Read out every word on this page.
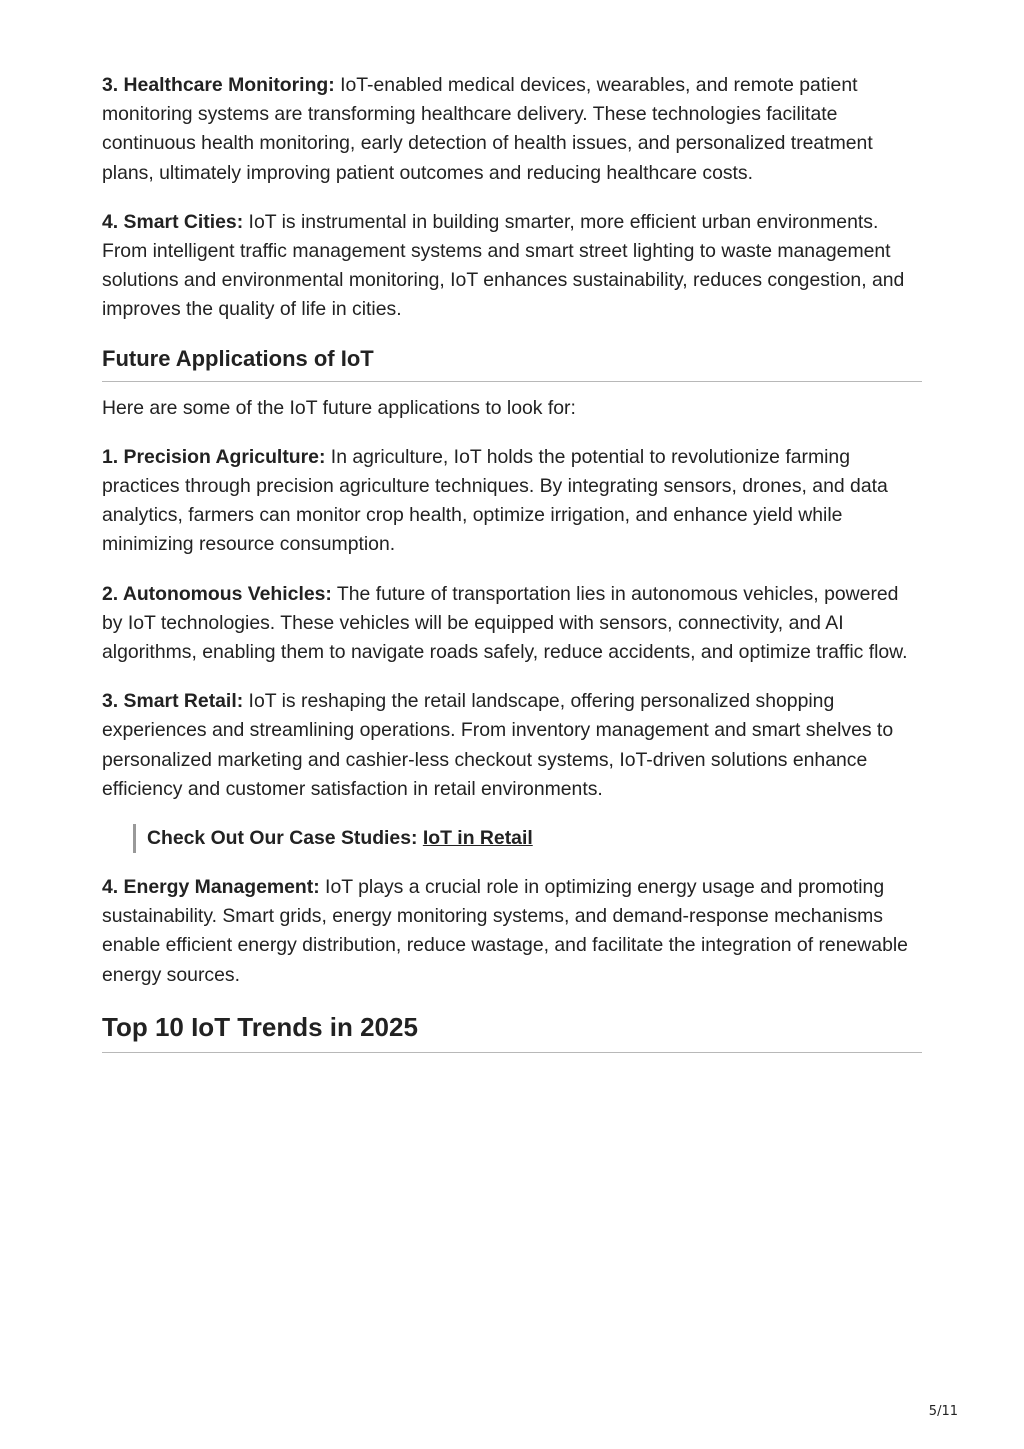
3. Healthcare Monitoring: IoT-enabled medical devices, wearables, and remote patient monitoring systems are transforming healthcare delivery. These technologies facilitate continuous health monitoring, early detection of health issues, and personalized treatment plans, ultimately improving patient outcomes and reducing healthcare costs.

4. Smart Cities: IoT is instrumental in building smarter, more efficient urban environments. From intelligent traffic management systems and smart street lighting to waste management solutions and environmental monitoring, IoT enhances sustainability, reduces congestion, and improves the quality of life in cities.

Future Applications of IoT

Here are some of the IoT future applications to look for:

1. Precision Agriculture: In agriculture, IoT holds the potential to revolutionize farming practices through precision agriculture techniques. By integrating sensors, drones, and data analytics, farmers can monitor crop health, optimize irrigation, and enhance yield while minimizing resource consumption.

2. Autonomous Vehicles: The future of transportation lies in autonomous vehicles, powered by IoT technologies. These vehicles will be equipped with sensors, connectivity, and AI algorithms, enabling them to navigate roads safely, reduce accidents, and optimize traffic flow.

3. Smart Retail: IoT is reshaping the retail landscape, offering personalized shopping experiences and streamlining operations. From inventory management and smart shelves to personalized marketing and cashier-less checkout systems, IoT-driven solutions enhance efficiency and customer satisfaction in retail environments.

Check Out Our Case Studies: IoT in Retail

4. Energy Management: IoT plays a crucial role in optimizing energy usage and promoting sustainability. Smart grids, energy monitoring systems, and demand-response mechanisms enable efficient energy distribution, reduce wastage, and facilitate the integration of renewable energy sources.

Top 10 IoT Trends in 2025
5/11
